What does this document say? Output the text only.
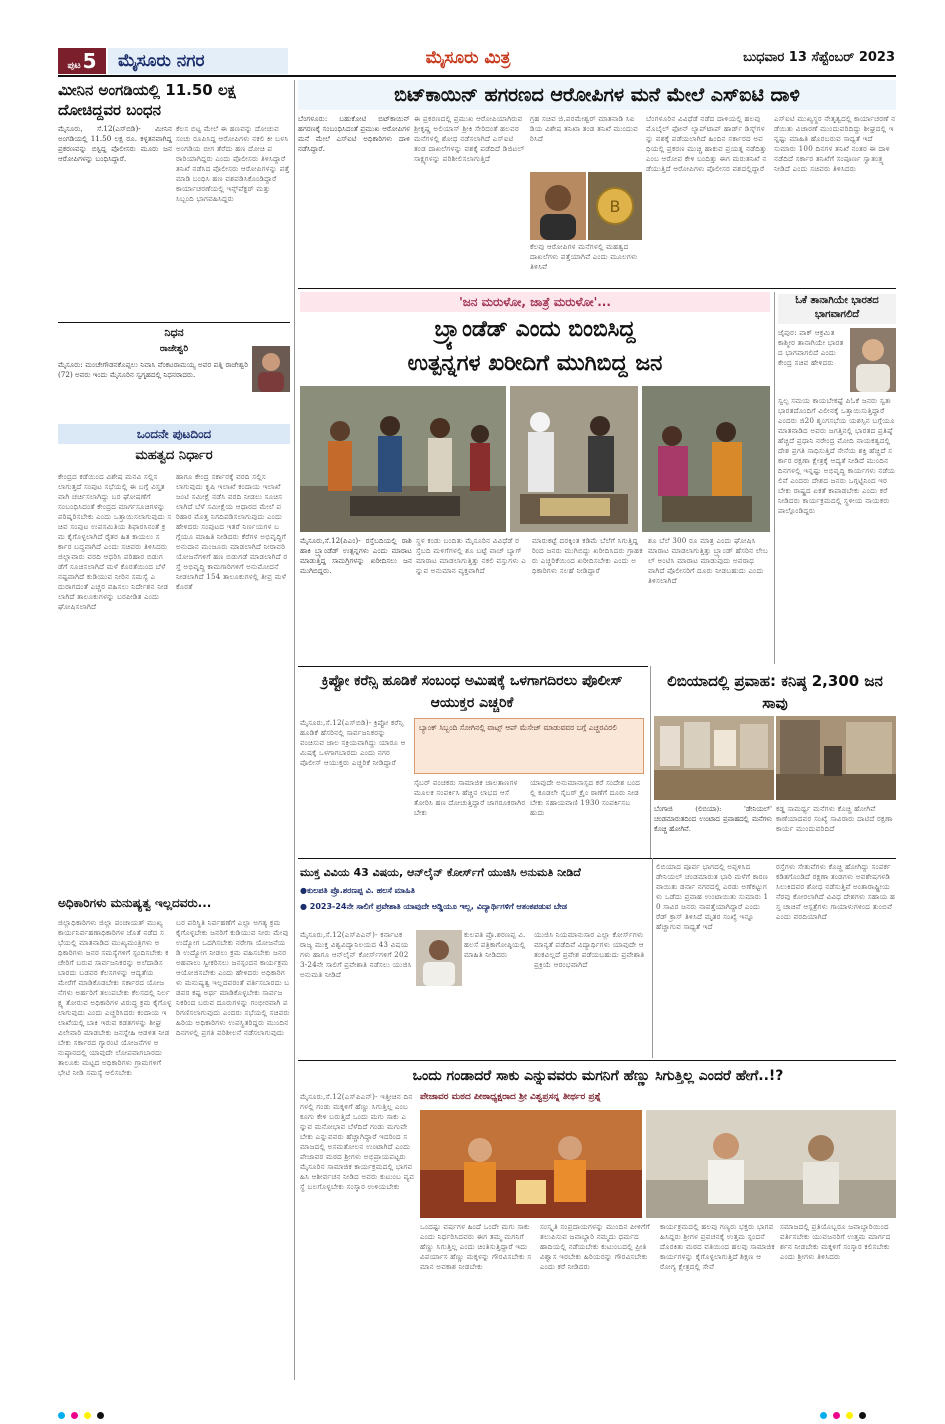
ಪುಟ 5	ಮೈಸೂರು ನಗರ	ಮೈಸೂರು ಮಿತ್ರ	ಬುಧವಾರ 13 ಸೆಪ್ಟೆಂಬರ್ 2023
ಮೀನಿನ ಅಂಗಡಿಯಲ್ಲಿ 11.50 ಲಕ್ಷ ದೋಚಿದ್ದವರ ಬಂಧನ
ಮೈಸೂರು, ಸೆ.12(ಎಸ್‌ಬಿಡಿ)- ಮೀನಿನ ಅಂಗಡಿಯಲ್ಲಿ 11.50 ಲಕ್ಷ ರೂ. ಕಳ್ಳತನವಾಗಿದ್ದ ಪ್ರಕರಣವನ್ನು ಬಿಸ್ಟಿದ್ದ ಪೊಲೀಸರು ಮೂರು ಜನ ಆರೋಪಿಗಳನ್ನು ಬಂಧಿಸಿದ್ದಾರೆ.
ಕೆಲಸ ಬಿಟ್ಟ ಮೇಲೆ ಈ ಹಣವನ್ನು ದೋಚುವ ಸಂಚು ರೂಪಿಸಿದ್ದ ಆರೋಪಿಗಳು ನಕಲಿ ಕೀ ಬಳಸಿ ಅಂಗಡಿಯ ಬೀಗ ತೆರೆದು ಹಣ ದೋಚಿ ಪರಾರಿಯಾಗಿದ್ದರು ಎಂದು ಪೊಲೀಸರು ತಿಳಿಸಿದ್ದಾರೆ ತನಿಖೆ ನಡೆಸಿದ ಪೊಲೀಸರು ಆರೋಪಿಗಳನ್ನು ಪತ್ತೆ ಮಾಡಿ ಬಂಧಿಸಿ ಹಣ ವಶಪಡಿಸಿಕೊಂಡಿದ್ದಾರೆ ಕಾರ್ಯಾಚರಣೆಯಲ್ಲಿ ಇನ್ಸ್‌ಪೆಕ್ಟರ್ ಮತ್ತು ಸಿಬ್ಬಂದಿ ಭಾಗವಹಿಸಿದ್ದರು
ನಿಧನ
ರಾಜೇಶ್ವರಿ
ಮೈಸೂರು: ಮಂಚೇಗೌಡನಕೊಪ್ಪಲು ನಿವಾಸಿ ವೆಂಕಟರಾಮಯ್ಯ ಅವರ ಪತ್ನಿ ರಾಜೇಶ್ವರಿ (72) ಅವರು ಇಂದು ಮೈಸೂರಿನ ಸ್ವಗೃಹದಲ್ಲಿ ನಿಧನರಾದರು.
ಒಂದನೇ ಪುಟದಿಂದ
ಮಹತ್ವದ ನಿರ್ಧಾರ
ಕೇಂದ್ರದ ಕಡೆಯಿಂದ ವಿಶೇಷ ಮನವಿ ಸಲ್ಲಿಸಲಾಗುತ್ತದೆ ಸಂಪುಟ ಸಭೆಯಲ್ಲಿ ಈ ಬಗ್ಗೆ ವಿಸ್ತೃತವಾಗಿ ಚರ್ಚಿಸಲಾಗಿದ್ದು ಬರ ಘೋಷಣೆಗೆ ಸಂಬಂಧಿಸಿದಂತೆ ಕೇಂದ್ರದ ಮಾರ್ಗಸೂಚಿಗಳನ್ನು ಪರಿಷ್ಕರಿಸಬೇಕು ಎಂದು ಒತ್ತಾಯಿಸಲಾಗುವುದು ಸಚಿವ ಸಂಪುಟ ಉಪಸಮಿತಿಯ ಶಿಫಾರಸಿನಂತೆ ಕ್ರಮ ಕೈಗೊಳ್ಳಲಾಗಿದೆ ರೈತರ ಹಿತ ಕಾಯಲು ಸರ್ಕಾರ ಬದ್ಧವಾಗಿದೆ ಎಂದು ಸಚಿವರು ತಿಳಿಸಿದರು ಜಿಲ್ಲಾವಾರು ವರದಿ ಆಧರಿಸಿ ಪರಿಹಾರ ಬಿಡುಗಡೆಗೆ ಸೂಚಿಸಲಾಗಿದೆ ಮಳೆ ಕೊರತೆಯಿಂದ ಬೆಳೆ ನಷ್ಟವಾಗಿದೆ ಕುಡಿಯುವ ನೀರಿನ ಸಮಸ್ಯೆ ಎದುರಾಗದಂತೆ ಎಚ್ಚರ ವಹಿಸಲು ನಿರ್ದೇಶನ ನೀಡಲಾಗಿದೆ ತಾಲೂಕುಗಳನ್ನು ಬರಪೀಡಿತ ಎಂದು ಘೋಷಿಸಲಾಗಿದೆ
ಹಾಗೂ ಕೇಂದ್ರ ಸರ್ಕಾರಕ್ಕೆ ವರದಿ ಸಲ್ಲಿಸಲಾಗುವುದು ಕೃಷಿ ಇಲಾಖೆ ಕಂದಾಯ ಇಲಾಖೆ ಜಂಟಿ ಸಮೀಕ್ಷೆ ನಡೆಸಿ ವರದಿ ನೀಡಲು ಸೂಚಿಸಲಾಗಿದೆ ಬೆಳೆ ಸಮೀಕ್ಷೆಯ ಆಧಾರದ ಮೇಲೆ ಪರಿಹಾರ ಮೊತ್ತ ನಿಗದಿಪಡಿಸಲಾಗುವುದು ಎಂದು ಹೇಳಿದರು ಸಂಪುಟದ ಇತರೆ ನಿರ್ಣಯಗಳ ಬಗ್ಗೆಯೂ ಮಾಹಿತಿ ನೀಡಿದರು ಕೆರೆಗಳ ಅಭಿವೃದ್ಧಿಗೆ ಅನುದಾನ ಮಂಜೂರು ಮಾಡಲಾಗಿದೆ ನೀರಾವರಿ ಯೋಜನೆಗಳಿಗೆ ಹಣ ಬಿಡುಗಡೆ ಮಾಡಲಾಗಿದೆ ರಸ್ತೆ ಅಭಿವೃದ್ಧಿ ಕಾಮಗಾರಿಗಳಿಗೆ ಅನುಮೋದನೆ ನೀಡಲಾಗಿದೆ 154 ತಾಲೂಕುಗಳಲ್ಲಿ ತೀವ್ರ ಮಳೆ ಕೊರತೆ
ಅಧಿಕಾರಿಗಳು ಮನುಷ್ಯತ್ವ ಇಲ್ಲದವರು...
ಜಿಲ್ಲಾಧಿಕಾರಿಗಳು ಜಿಲ್ಲಾ ಪಂಚಾಯತ್ ಮುಖ್ಯ ಕಾರ್ಯನಿರ್ವಹಣಾಧಿಕಾರಿಗಳ ಜೊತೆ ನಡೆದ ಸಭೆಯಲ್ಲಿ ಮಾತನಾಡಿದ ಮುಖ್ಯಮಂತ್ರಿಗಳು ಅಧಿಕಾರಿಗಳು ಜನರ ಸಮಸ್ಯೆಗಳಿಗೆ ಸ್ಪಂದಿಸಬೇಕು ಕಚೇರಿಗೆ ಬರುವ ಸಾರ್ವಜನಿಕರನ್ನು ಅಲೆದಾಡಿಸಬಾರದು ಬಡವರ ಕೆಲಸಗಳನ್ನು ಆದ್ಯತೆಯ ಮೇರೆಗೆ ಮಾಡಿಕೊಡಬೇಕು ಸರ್ಕಾರದ ಯೋಜನೆಗಳು ಅರ್ಹರಿಗೆ ತಲುಪಬೇಕು ಕೆಲಸದಲ್ಲಿ ನಿರ್ಲಕ್ಷ್ಯ ತೋರುವ ಅಧಿಕಾರಿಗಳ ವಿರುದ್ಧ ಕ್ರಮ ಕೈಗೊಳ್ಳಲಾಗುವುದು ಎಂದು ಎಚ್ಚರಿಸಿದರು ಕಂದಾಯ ಇಲಾಖೆಯಲ್ಲಿ ಬಾಕಿ ಇರುವ ಕಡತಗಳನ್ನು ಶೀಘ್ರ ವಿಲೇವಾರಿ ಮಾಡಬೇಕು ಜನಸ್ನೇಹಿ ಆಡಳಿತ ನೀಡಬೇಕು ಸರ್ಕಾರದ ಗ್ಯಾರಂಟಿ ಯೋಜನೆಗಳ ಅನುಷ್ಠಾನದಲ್ಲಿ ಯಾವುದೇ ಲೋಪವಾಗಬಾರದು ತಾಲೂಕು ಮಟ್ಟದ ಅಧಿಕಾರಿಗಳು ಗ್ರಾಮಗಳಿಗೆ ಭೇಟಿ ನೀಡಿ ಸಮಸ್ಯೆ ಆಲಿಸಬೇಕು
ಬರ ಪರಿಸ್ಥಿತಿ ನಿರ್ವಹಣೆಗೆ ಎಲ್ಲಾ ಅಗತ್ಯ ಕ್ರಮ ಕೈಗೊಳ್ಳಬೇಕು ಜನರಿಗೆ ಕುಡಿಯುವ ನೀರು ಮೇವು ಉದ್ಯೋಗ ಒದಗಿಸಬೇಕು ನರೇಗಾ ಯೋಜನೆಯಡಿ ಉದ್ಯೋಗ ನೀಡಲು ಕ್ರಮ ವಹಿಸಬೇಕು ಜನರ ಅಹವಾಲು ಸ್ವೀಕರಿಸಲು ಜನಸ್ಪಂದನ ಕಾರ್ಯಕ್ರಮ ಆಯೋಜಿಸಬೇಕು ಎಂದು ಹೇಳಿದರು ಅಧಿಕಾರಿಗಳು ಮನುಷ್ಯತ್ವ ಇಲ್ಲದವರಂತೆ ವರ್ತಿಸಬಾರದು ಬಡವರ ಕಷ್ಟ ಅರ್ಥ ಮಾಡಿಕೊಳ್ಳಬೇಕು ಸಾರ್ವಜನಿಕರಿಂದ ಬರುವ ದೂರುಗಳನ್ನು ಗಂಭೀರವಾಗಿ ಪರಿಗಣಿಸಲಾಗುವುದು ಎಂದರು ಸಭೆಯಲ್ಲಿ ಸಚಿವರು ಹಿರಿಯ ಅಧಿಕಾರಿಗಳು ಉಪಸ್ಥಿತರಿದ್ದರು ಮುಂದಿನ ದಿನಗಳಲ್ಲಿ ಪ್ರಗತಿ ಪರಿಶೀಲನೆ ನಡೆಸಲಾಗುವುದು
ಬಿಟ್‌ಕಾಯಿನ್ ಹಗರಣದ ಆರೋಪಿಗಳ ಮನೆ ಮೇಲೆ ಎಸ್‌ಐಟಿ ದಾಳಿ
ಬೆಂಗಳೂರು: ಬಹುಕೋಟಿ ಬಿಟ್‌ಕಾಯಿನ್ ಹಗರಣಕ್ಕೆ ಸಂಬಂಧಿಸಿದಂತೆ ಪ್ರಮುಖ ಆರೋಪಿಗಳ ಮನೆ ಮೇಲೆ ಎಸ್‌ಐಟಿ ಅಧಿಕಾರಿಗಳು ದಾಳಿ ನಡೆಸಿದ್ದಾರೆ.
ಈ ಪ್ರಕರಣದಲ್ಲಿ ಪ್ರಮುಖ ಆರೋಪಿಯಾಗಿರುವ ಶ್ರೀಕೃಷ್ಣ ಅಲಿಯಾಸ್ ಶ್ರೀಕಿ ಸೇರಿದಂತೆ ಹಲವರ ಮನೆಗಳಲ್ಲಿ ಶೋಧ ನಡೆಸಲಾಗಿದೆ ಎಸ್‌ಐಟಿ ತಂಡ ದಾಖಲೆಗಳನ್ನು ವಶಕ್ಕೆ ಪಡೆದಿದೆ ಡಿಜಿಟಲ್ ಸಾಕ್ಷ್ಯಗಳನ್ನು ಪರಿಶೀಲಿಸಲಾಗುತ್ತಿದೆ
ಗ್ರಹ ಸಚಿವ ಜಿ.ಪರಮೇಶ್ವರ್ ಮಾತನಾಡಿ ಸಿಐಡಿಯ ವಿಶೇಷ ತನಿಖಾ ತಂಡ ತನಿಖೆ ಮುಂದುವರಿಸಿದೆ
B
ಕೆಲವು ಆರೋಪಿಗಳ ಮನೆಗಳಲ್ಲಿ ಮಹತ್ವದ ದಾಖಲೆಗಳು ಪತ್ತೆಯಾಗಿವೆ ಎಂದು ಮೂಲಗಳು ತಿಳಿಸಿವೆ
ಬೆಂಗಳೂರಿನ ವಿವಿಧೆಡೆ ನಡೆದ ದಾಳಿಯಲ್ಲಿ ಹಲವು ಮೊಬೈಲ್ ಫೋನ್ ಲ್ಯಾಪ್‌ಟಾಪ್ ಹಾರ್ಡ್ ಡಿಸ್ಕ್‌ಗಳನ್ನು ವಶಕ್ಕೆ ಪಡೆಯಲಾಗಿದೆ ಹಿಂದಿನ ಸರ್ಕಾರದ ಅವಧಿಯಲ್ಲಿ ಪ್ರಕರಣ ಮುಚ್ಚಿ ಹಾಕುವ ಪ್ರಯತ್ನ ನಡೆದಿತ್ತು ಎಂಬ ಆರೋಪ ಕೇಳಿ ಬಂದಿತ್ತು ಈಗ ಮರುತನಿಖೆ ನಡೆಯುತ್ತಿದೆ ಆರೋಪಿಗಳು ಪೊಲೀಸರ ವಶದಲ್ಲಿದ್ದಾರೆ
ಎಸ್‌ಐಟಿ ಮುಖ್ಯಸ್ಥರ ನೇತೃತ್ವದಲ್ಲಿ ಕಾರ್ಯಾಚರಣೆ ನಡೆಯಿತು ವಿಚಾರಣೆ ಮುಂದುವರಿದಿದ್ದು ಶೀಘ್ರದಲ್ಲಿ ಇನ್ನಷ್ಟು ಮಾಹಿತಿ ಹೊರಬರುವ ಸಾಧ್ಯತೆ ಇದೆ ಸುಮಾರು 100 ದಿನಗಳ ತನಿಖೆ ನಂತರ ಈ ದಾಳಿ ನಡೆದಿದೆ ಸರ್ಕಾರ ತನಿಖೆಗೆ ಸಂಪೂರ್ಣ ಸ್ವಾತಂತ್ರ್ಯ ನೀಡಿದೆ ಎಂದು ಸಚಿವರು ತಿಳಿಸಿದರು
'ಜನ ಮರುಳೋ, ಜಾತ್ರೆ ಮರುಳೋ'...
ಬ್ರ್ಯಾಂಡೆಡ್ ಎಂದು ಬಿಂಬಿಸಿದ್ದ
ಉತ್ಪನ್ನಗಳ ಖರೀದಿಗೆ ಮುಗಿಬಿದ್ದ ಜನ
ಮೈಸೂರು,ಸೆ.12(ಪಿಎಂ)- ರಸ್ತೆಬದಿಯಲ್ಲಿ ರಾಶಿ ಹಾಕಿ ಬ್ರ್ಯಾಂಡೆಡ್ ಉತ್ಪನ್ನಗಳು ಎಂದು ಮಾರಾಟ ಮಾಡುತ್ತಿದ್ದ ಸಾಮಗ್ರಿಗಳನ್ನು ಖರೀದಿಸಲು ಜನ ಮುಗಿಬಿದ್ದರು.
ಸ್ಥಳ ಕಂಡು ಬಂದಿತು ಮೈಸೂರಿನ ವಿವಿಧೆಡೆ ರಸ್ತೆಬದಿ ಮಳಿಗೆಗಳಲ್ಲಿ ಶೂ ಬಟ್ಟೆ ವಾಚ್ ಬ್ಯಾಗ್ ಮಾರಾಟ ಮಾಡಲಾಗುತ್ತಿತ್ತು ನಕಲಿ ವಸ್ತುಗಳು ಎನ್ನುವ ಅನುಮಾನ ವ್ಯಕ್ತವಾಗಿದೆ
ಮಾರುಕಟ್ಟೆ ದರಕ್ಕಿಂತ ಕಡಿಮೆ ಬೆಲೆಗೆ ಸಿಗುತ್ತಿದ್ದರಿಂದ ಜನರು ಮುಗಿಬಿದ್ದು ಖರೀದಿಸಿದರು ಗ್ರಾಹಕರು ಎಚ್ಚರಿಕೆಯಿಂದ ಖರೀದಿಸಬೇಕು ಎಂದು ಅಧಿಕಾರಿಗಳು ಸಲಹೆ ನೀಡಿದ್ದಾರೆ
ಶೂ ಬೆಲೆ 300 ರೂ ಮಾತ್ರ ಎಂದು ಘೋಷಿಸಿ ಮಾರಾಟ ಮಾಡಲಾಗುತ್ತಿತ್ತು ಬ್ರ್ಯಾಂಡ್ ಹೆಸರಿನ ಲೇಬಲ್ ಅಂಟಿಸಿ ಮಾರಾಟ ಮಾಡುವುದು ಅಪರಾಧವಾಗಿದೆ ಪೊಲೀಸರಿಗೆ ದೂರು ನೀಡಬಹುದು ಎಂದು ತಿಳಿಸಲಾಗಿದೆ
ಓಕೆ ತಾನಾಗಿಯೇ ಭಾರತದ ಭಾಗವಾಗಲಿದೆ
ಜೈಪುರ: ಪಾಕ್ ಆಕ್ರಮಿತ ಕಾಶ್ಮೀರ ತಾನಾಗಿಯೇ ಭಾರತದ ಭಾಗವಾಗಲಿದೆ ಎಂದು ಕೇಂದ್ರ ಸಚಿವ ಹೇಳಿದರು
ಸ್ವಲ್ಪ ಸಮಯ ಕಾಯಬೇಕಷ್ಟೆ ಪಿಓಕೆ ಜನರು ಸ್ವತಃ ಭಾರತದೊಂದಿಗೆ ವಿಲೀನಕ್ಕೆ ಒತ್ತಾಯಿಸುತ್ತಿದ್ದಾರೆ ಎಂದರು ಜಿ20 ಶೃಂಗಸಭೆಯ ಯಶಸ್ಸಿನ ಬಗ್ಗೆಯೂ ಮಾತನಾಡಿದ ಅವರು ಜಗತ್ತಿನಲ್ಲಿ ಭಾರತದ ಪ್ರತಿಷ್ಠೆ ಹೆಚ್ಚಿದೆ ಪ್ರಧಾನಿ ನರೇಂದ್ರ ಮೋದಿ ನಾಯಕತ್ವದಲ್ಲಿ ದೇಶ ಪ್ರಗತಿ ಸಾಧಿಸುತ್ತಿದೆ ಸೇನೆಯ ಶಕ್ತಿ ಹೆಚ್ಚಿದೆ ಸರ್ಕಾರ ರಕ್ಷಣಾ ಕ್ಷೇತ್ರಕ್ಕೆ ಆದ್ಯತೆ ನೀಡಿದೆ ಮುಂದಿನ ದಿನಗಳಲ್ಲಿ ಇನ್ನಷ್ಟು ಅಭಿವೃದ್ಧಿ ಕಾರ್ಯಗಳು ನಡೆಯಲಿವೆ ಎಂದರು ದೇಶದ ಜನರು ಒಗ್ಗಟ್ಟಿನಿಂದ ಇರಬೇಕು ರಾಷ್ಟ್ರದ ಏಕತೆ ಕಾಪಾಡಬೇಕು ಎಂದು ಕರೆ ನೀಡಿದರು ಕಾರ್ಯಕ್ರಮದಲ್ಲಿ ಸ್ಥಳೀಯ ನಾಯಕರು ಪಾಲ್ಗೊಂಡಿದ್ದರು
ಕ್ರಿಪ್ಟೋ ಕರೆನ್ಸಿ ಹೂಡಿಕೆ ಸಂಬಂಧ ಅಮಿಷಕ್ಕೆ ಒಳಗಾಗದಿರಲು ಪೊಲೀಸ್ ಆಯುಕ್ತರ ಎಚ್ಚರಿಕೆ
ಮೈಸೂರು,ಸೆ.12(ಎಸ್‌ಬಿಡಿ)- ಕ್ರಿಪ್ಟೋ ಕರೆನ್ಸಿ ಹೂಡಿಕೆ ಹೆಸರಿನಲ್ಲಿ ಸಾರ್ವಜನಿಕರನ್ನು ವಂಚಿಸುವ ಜಾಲ ಸಕ್ರಿಯವಾಗಿದ್ದು ಯಾರೂ ಆಮಿಷಕ್ಕೆ ಒಳಗಾಗಬಾರದು ಎಂದು ನಗರ ಪೊಲೀಸ್ ಆಯುಕ್ತರು ಎಚ್ಚರಿಕೆ ನೀಡಿದ್ದಾರೆ
ಬ್ಯಾಂಕ್ ಸಿಬ್ಬಂದಿ ಸೋಗಿನಲ್ಲಿ ವಾಟ್ಸ್ ಆಪ್ ಮೆಸೇಜ್ ಮಾಡುವವರ ಬಗ್ಗೆ ಎಚ್ಚರವಿರಲಿ
ಸೈಬರ್ ವಂಚಕರು ಸಾಮಾಜಿಕ ಜಾಲತಾಣಗಳ ಮೂಲಕ ಸಂಪರ್ಕಿಸಿ ಹೆಚ್ಚಿನ ಲಾಭದ ಆಸೆ ತೋರಿಸಿ ಹಣ ದೋಚುತ್ತಿದ್ದಾರೆ ಜಾಗರೂಕರಾಗಿರಬೇಕು
ಯಾವುದೇ ಅನುಮಾನಾಸ್ಪದ ಕರೆ ಸಂದೇಶ ಬಂದಲ್ಲಿ ಕೂಡಲೇ ಸೈಬರ್ ಕ್ರೈಂ ಠಾಣೆಗೆ ದೂರು ನೀಡಬೇಕು ಸಹಾಯವಾಣಿ 1930 ಸಂಪರ್ಕಿಸಬಹುದು
ಲಿಬಿಯಾದಲ್ಲಿ ಪ್ರವಾಹ: ಕನಿಷ್ಠ 2,300 ಜನ ಸಾವು
ಬೆಂಗಾಜಿ (ಲಿಬಿಯಾ): 'ಡೇನಿಯಲ್' ಚಂಡಮಾರುತದಿಂದ ಉಂಟಾದ ಪ್ರವಾಹದಲ್ಲಿ ಮನೆಗಳು ಕೊಚ್ಚಿ ಹೋಗಿವೆ.
ಕಡ್ಡ ಸಾಮರ್ಥ್ಯ ಮನೆಗಳು ಕೊಚ್ಚಿ ಹೋಗಿವೆ ಕಾಣೆಯಾದವರ ಸಂಖ್ಯೆ ಸಾವಿರಾರು ದಾಟಿದೆ ರಕ್ಷಣಾ ಕಾರ್ಯ ಮುಂದುವರಿದಿದೆ
ಮುಕ್ತ ವಿವಿಯ 43 ವಿಷಯ, ಆನ್‌ಲೈನ್ ಕೋರ್ಸ್‌ಗೆ ಯುಜಿಸಿ ಅನುಮತಿ ನೀಡಿದೆ
●ಕುಲಪತಿ ಪ್ರೊ.ಶರಣಪ್ಪ ವಿ. ಹಲಸೆ ಮಾಹಿತಿ
● 2023-24ನೇ ಸಾಲಿಗೆ ಪ್ರವೇಶಾತಿ ಯಾವುದೇ ಅಡ್ಡಿಯೂ ಇಲ್ಲ, ವಿದ್ಯಾರ್ಥಿಗಳಿಗೆ ಆತಂಕಪಡುವ ಬೇಡ
ಮೈಸೂರು,ಸೆ.12(ಎಸ್‌ಪಿಎನ್)- ಕರ್ನಾಟಕ ರಾಜ್ಯ ಮುಕ್ತ ವಿಶ್ವವಿದ್ಯಾನಿಲಯದ 43 ವಿಷಯಗಳು ಹಾಗೂ ಆನ್‌ಲೈನ್ ಕೋರ್ಸ್‌ಗಳಿಗೆ 2023-24ನೇ ಸಾಲಿಗೆ ಪ್ರವೇಶಾತಿ ನಡೆಸಲು ಯುಜಿಸಿ ಅನುಮತಿ ನೀಡಿದೆ
ಕುಲಪತಿ ಪ್ರೊ.ಶರಣಪ್ಪ ವಿ.ಹಲಸೆ ಪತ್ರಿಕಾಗೋಷ್ಠಿಯಲ್ಲಿ ಮಾಹಿತಿ ನೀಡಿದರು
ಯುಜಿಸಿ ನಿಯಮಾನುಸಾರ ಎಲ್ಲಾ ಕೋರ್ಸ್‌ಗಳು ಮಾನ್ಯತೆ ಪಡೆದಿವೆ ವಿದ್ಯಾರ್ಥಿಗಳು ಯಾವುದೇ ಆತಂಕವಿಲ್ಲದೆ ಪ್ರವೇಶ ಪಡೆಯಬಹುದು ಪ್ರವೇಶಾತಿ ಪ್ರಕ್ರಿಯೆ ಆರಂಭವಾಗಿದೆ
ಲಿಬಿಯಾದ ಪೂರ್ವ ಭಾಗದಲ್ಲಿ ಅಪ್ಪಳಿಸಿದ ಡೇನಿಯಲ್ ಚಂಡಮಾರುತ ಭಾರಿ ಮಳೆಗೆ ಕಾರಣವಾಯಿತು ಡರ್ನಾ ನಗರದಲ್ಲಿ ಎರಡು ಅಣೆಕಟ್ಟುಗಳು ಒಡೆದು ಪ್ರವಾಹ ಉಂಟಾಯಿತು ಸುಮಾರು 10 ಸಾವಿರ ಜನರು ನಾಪತ್ತೆಯಾಗಿದ್ದಾರೆ ಎಂದು ರೆಡ್ ಕ್ರಾಸ್ ತಿಳಿಸಿದೆ ಮೃತರ ಸಂಖ್ಯೆ ಇನ್ನೂ ಹೆಚ್ಚಾಗುವ ಸಾಧ್ಯತೆ ಇದೆ
ರಸ್ತೆಗಳು ಸೇತುವೆಗಳು ಕೊಚ್ಚಿ ಹೋಗಿದ್ದು ಸಂಪರ್ಕ ಕಡಿತಗೊಂಡಿದೆ ರಕ್ಷಣಾ ತಂಡಗಳು ಅವಶೇಷಗಳಡಿ ಸಿಲುಕಿದವರ ಶೋಧ ನಡೆಸುತ್ತಿವೆ ಅಂತಾರಾಷ್ಟ್ರೀಯ ನೆರವು ಕೋರಲಾಗಿದೆ ವಿವಿಧ ದೇಶಗಳು ಸಹಾಯ ಹಸ್ತ ಚಾಚಿವೆ ಆಸ್ಪತ್ರೆಗಳು ಗಾಯಾಳುಗಳಿಂದ ತುಂಬಿವೆ ಎಂದು ವರದಿಯಾಗಿದೆ
ಒಂದು ಗಂಡಾದರೆ ಸಾಕು ಎನ್ನುವವರು ಮಗನಿಗೆ ಹೆಣ್ಣು ಸಿಗುತ್ತಿಲ್ಲ ಎಂದರೆ ಹೇಗೆ..!?
ಮೈಸೂರು,ಸೆ.12(ಎಸ್‌ಪಿಎನ್)- ಇತ್ತೀಚಿನ ದಿನಗಳಲ್ಲಿ ಗಂಡು ಮಕ್ಕಳಿಗೆ ಹೆಣ್ಣು ಸಿಗುತ್ತಿಲ್ಲ ಎಂಬ ಕೂಗು ಕೇಳಿ ಬರುತ್ತಿದೆ ಒಂದು ಮಗು ಸಾಕು ಎನ್ನುವ ಮನೋಭಾವ ಬೆಳೆದಿದೆ ಗಂಡು ಮಗುವೇ ಬೇಕು ಎನ್ನುವವರು ಹೆಚ್ಚಾಗಿದ್ದಾರೆ ಇದರಿಂದ ಸಮಾಜದಲ್ಲಿ ಅಸಮತೋಲನ ಉಂಟಾಗಿದೆ ಎಂದು ಪೇಜಾವರ ಮಠದ ಶ್ರೀಗಳು ಅಭಿಪ್ರಾಯಪಟ್ಟರು ಮೈಸೂರಿನ ಸಾಮಾಜಿಕ ಕಾರ್ಯಕ್ರಮದಲ್ಲಿ ಭಾಗವಹಿಸಿ ಆಶೀರ್ವಚನ ನೀಡಿದ ಅವರು ಕುಟುಂಬ ವ್ಯವಸ್ಥೆ ಬಲಗೊಳ್ಳಬೇಕು ಸಂಸ್ಕಾರ ಉಳಿಯಬೇಕು
ಪೇಜಾವರ ಮಠದ ಪೀಠಾಧ್ಯಕ್ಷರಾದ ಶ್ರೀ ವಿಶ್ವಪ್ರಸನ್ನ ತೀರ್ಥರ ಪ್ರಶ್ನೆ
ಒಂದಷ್ಟು ವರ್ಷಗಳ ಹಿಂದೆ ಒಂದೇ ಮಗು ಸಾಕು ಎಂದು ನಿರ್ಧರಿಸಿದವರು ಈಗ ತಮ್ಮ ಮಗನಿಗೆ ಹೆಣ್ಣು ಸಿಗುತ್ತಿಲ್ಲ ಎಂದು ಚಿಂತಿಸುತ್ತಿದ್ದಾರೆ ಇದು ವಿಪರ್ಯಾಸ ಹೆಣ್ಣು ಮಕ್ಕಳನ್ನು ಗೌರವಿಸಬೇಕು ಸಮಾನ ಅವಕಾಶ ನೀಡಬೇಕು
ಸಂಸ್ಕೃತಿ ಸಂಪ್ರದಾಯಗಳನ್ನು ಮುಂದಿನ ಪೀಳಿಗೆಗೆ ತಲುಪಿಸುವ ಜವಾಬ್ದಾರಿ ನಮ್ಮದು ಧರ್ಮದ ಹಾದಿಯಲ್ಲಿ ನಡೆಯಬೇಕು ಕುಟುಂಬದಲ್ಲಿ ಪ್ರೀತಿ ವಿಶ್ವಾಸ ಇರಬೇಕು ಹಿರಿಯರನ್ನು ಗೌರವಿಸಬೇಕು ಎಂದು ಕರೆ ನೀಡಿದರು
ಕಾರ್ಯಕ್ರಮದಲ್ಲಿ ಹಲವು ಗಣ್ಯರು ಭಕ್ತರು ಭಾಗವಹಿಸಿದ್ದರು ಶ್ರೀಗಳ ಪ್ರವಚನಕ್ಕೆ ಉತ್ತಮ ಸ್ಪಂದನೆ ದೊರಕಿತು ಮಠದ ವತಿಯಿಂದ ಹಲವು ಸಾಮಾಜಿಕ ಕಾರ್ಯಗಳನ್ನು ಕೈಗೊಳ್ಳಲಾಗುತ್ತಿದೆ ಶಿಕ್ಷಣ ಆರೋಗ್ಯ ಕ್ಷೇತ್ರದಲ್ಲಿ ಸೇವೆ
ಸಮಾಜದಲ್ಲಿ ಪ್ರತಿಯೊಬ್ಬರೂ ಜವಾಬ್ದಾರಿಯಿಂದ ವರ್ತಿಸಬೇಕು ಯುವಜನರಿಗೆ ಉತ್ತಮ ಮಾರ್ಗದರ್ಶನ ನೀಡಬೇಕು ಮಕ್ಕಳಿಗೆ ಸಂಸ್ಕಾರ ಕಲಿಸಬೇಕು ಎಂದು ಶ್ರೀಗಳು ತಿಳಿಸಿದರು
